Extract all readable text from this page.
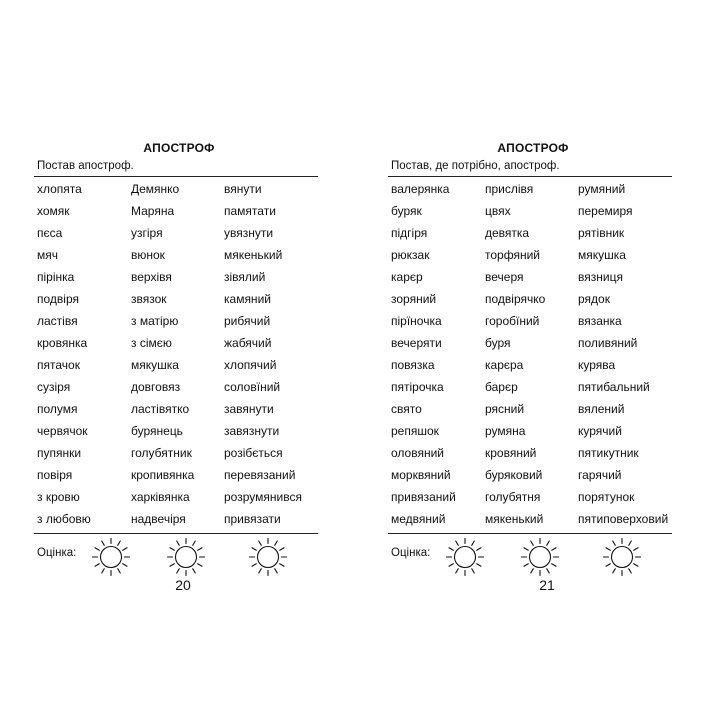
АПОСТРОФ
Постав апостроф.
хлопята	Демянко	вянути
хомяк	Маряна	памятати
пєса	узгіря	увязнути
мяч	вюнок	мякенький
пірінка	верхівя	зівялий
подвіря	звязок	камяний
ластівя	з матірю	рибячий
кровянка	з сімєю	жабячий
пятачок	мякушка	хлопячий
сузіря	довговяз	соловїний
полумя	ластівятко	завянути
червячок	бурянець	завязнути
пупянки	голубятник	розібється
повіря	кропивянка	перевязаний
з кровю	харківянка	розрумянився
з любовю	надвечіря	привязати
Оцінка:
20
АПОСТРОФ
Постав, де потрібно, апостроф.
валерянка	прислівя	румяний
буряк	цвях	перемиря
підгіря	девятка	рятівник
рюкзак	торфяний	мякушка
карєр	вечеря	вязниця
зоряний	подвірячко	рядок
пірїночка	горобїний	вязанка
вечеряти	буря	поливяний
повязка	карєра	курява
пятірочка	барєр	пятибальний
свято	рясний	вялений
репяшок	румяна	курячий
оловяний	кровяний	пятикутник
морквяний	буряковий	гарячий
привязаний	голубятня	порятунок
медвяний	мякенький	пятиповерховий
Оцінка:
21
